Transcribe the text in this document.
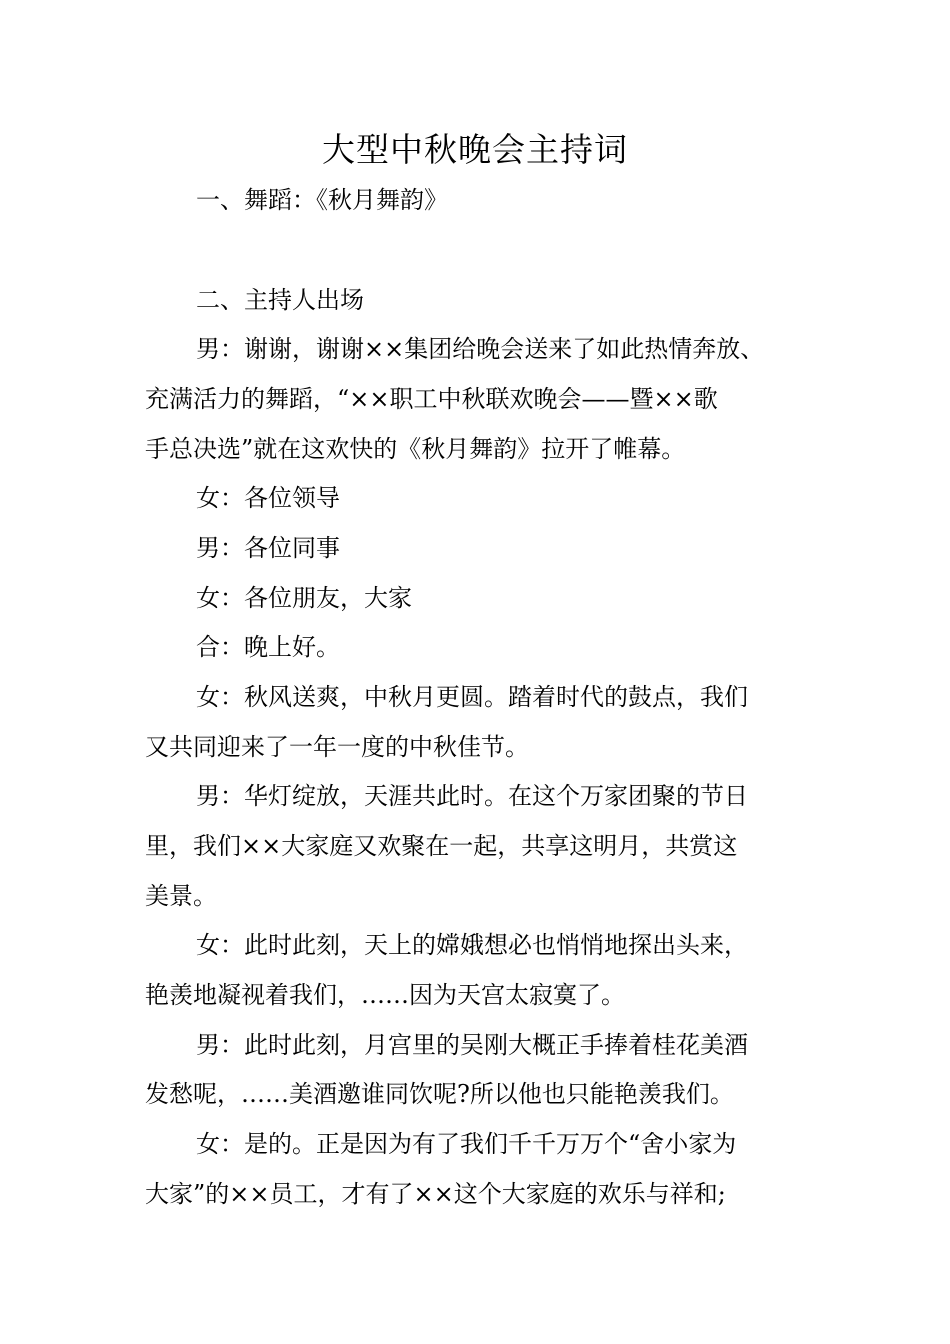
大型中秋晚会主持词

一、舞蹈：《秋月舞韵》

二、主持人出场

男：谢谢，谢谢××集团给晚会送来了如此热情奔放、

充满活力的舞蹈，“××职工中秋联欢晚会——暨××歌

手总决选”就在这欢快的《秋月舞韵》拉开了帷幕。

女：各位领导

男：各位同事

女：各位朋友，大家

合：晚上好。

女：秋风送爽，中秋月更圆。踏着时代的鼓点，我们

又共同迎来了一年一度的中秋佳节。

男：华灯绽放，天涯共此时。在这个万家团聚的节日

里，我们××大家庭又欢聚在一起，共享这明月，共赏这

美景。

女：此时此刻，天上的嫦娥想必也悄悄地探出头来，

艳羡地凝视着我们，……因为天宫太寂寞了。

男：此时此刻，月宫里的吴刚大概正手捧着桂花美酒

发愁呢，……美酒邀谁同饮呢?所以他也只能艳羡我们。

女：是的。正是因为有了我们千千万万个“舍小家为

大家”的××员工，才有了××这个大家庭的欢乐与祥和;
